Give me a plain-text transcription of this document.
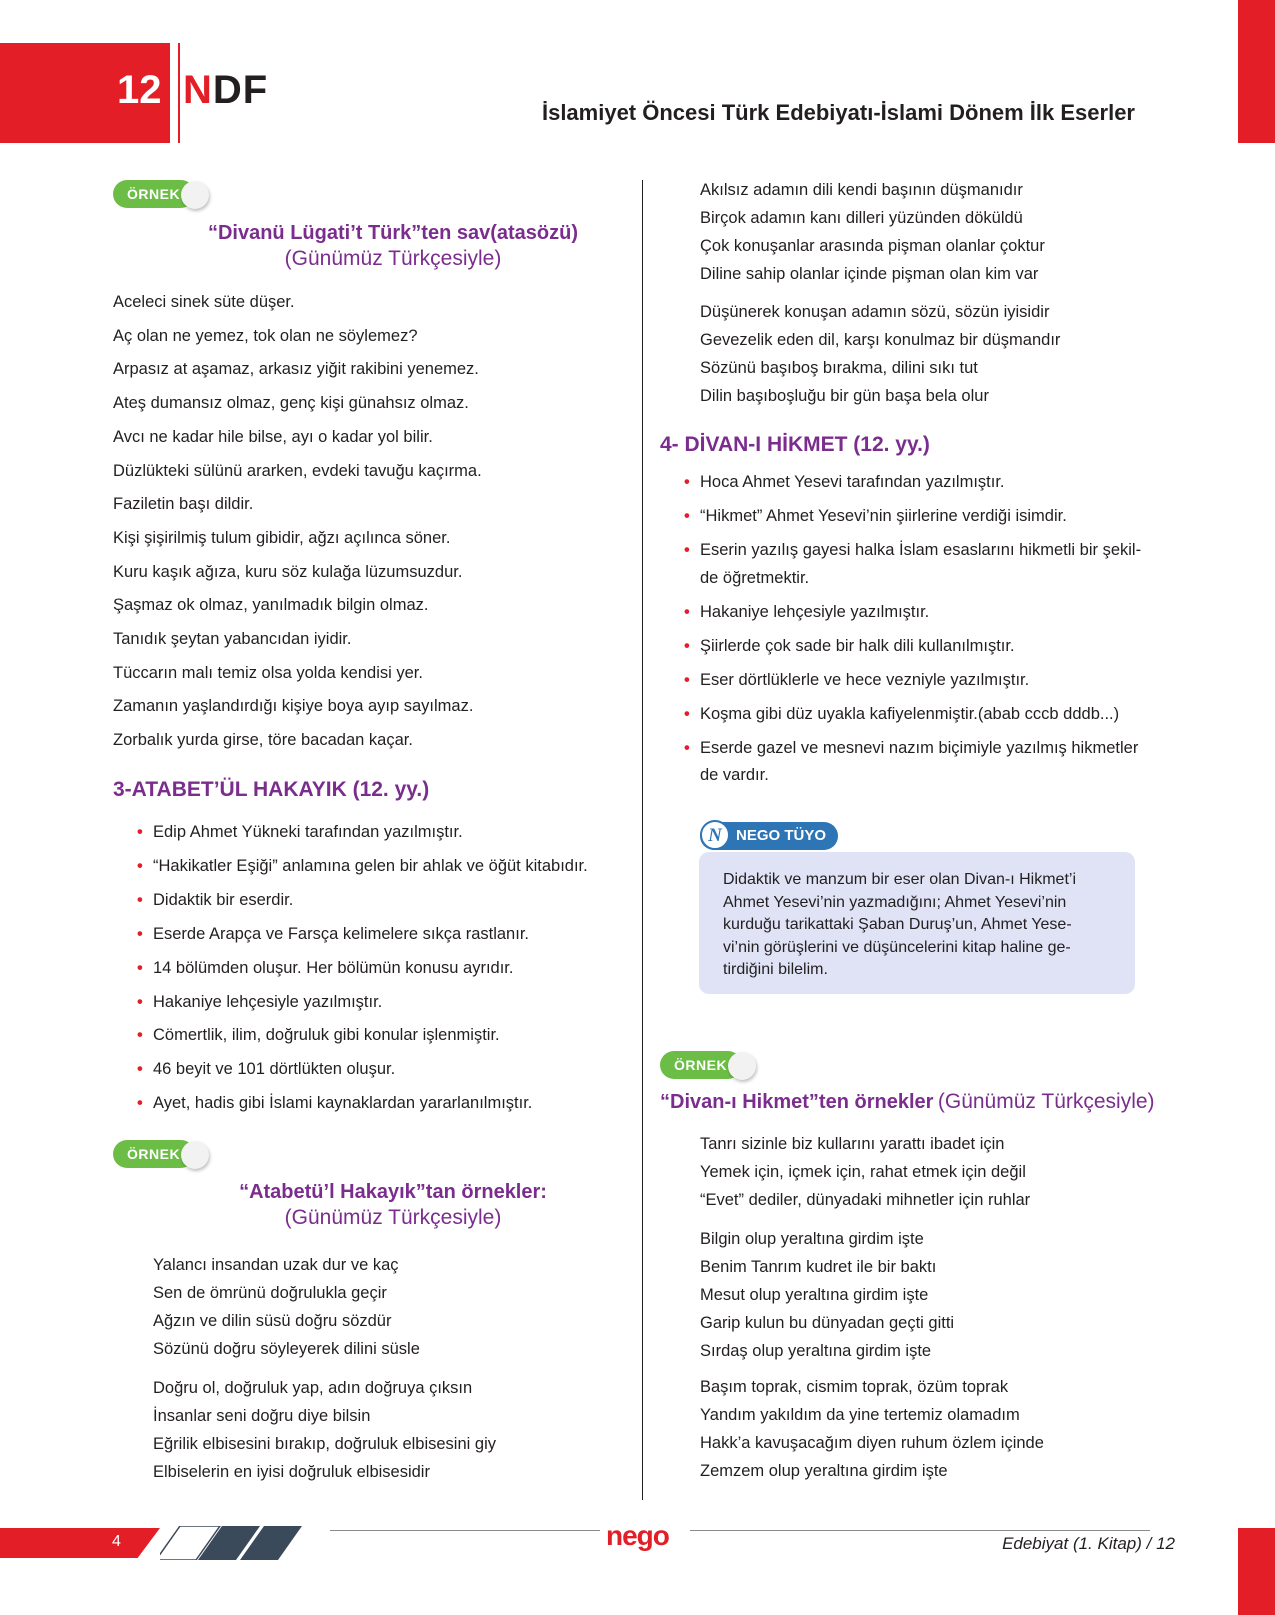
12 NDF
İslamiyet Öncesi Türk Edebiyatı-İslami Dönem İlk Eserler
ÖRNEK
“Divanü Lügati’t Türk”ten sav(atasözü)
(Günümüz Türkçesiyle)
Aceleci sinek süte düşer.
Aç olan ne yemez, tok olan ne söylemez?
Arpasız at aşamaz, arkasız yiğit rakibini yenemez.
Ateş dumansız olmaz, genç kişi günahsız olmaz.
Avcı ne kadar hile bilse, ayı o kadar yol bilir.
Düzlükteki sülünü ararken, evdeki tavuğu kaçırma.
Faziletin başı dildir.
Kişi şişirilmiş tulum gibidir, ağzı açılınca söner.
Kuru kaşık ağıza, kuru söz kulağa lüzumsuzdur.
Şaşmaz ok olmaz, yanılmadık bilgin olmaz.
Tanıdık şeytan yabancıdan iyidir.
Tüccarın malı temiz olsa yolda kendisi yer.
Zamanın yaşlandırdığı kişiye boya ayıp sayılmaz.
Zorbalık yurda girse, töre bacadan kaçar.
3-ATABET’ÜL HAKAYIK (12. yy.)
• Edip Ahmet Yükneki tarafından yazılmıştır.
• “Hakikatler Eşiği” anlamına gelen bir ahlak ve öğüt kitabıdır.
• Didaktik bir eserdir.
• Eserde Arapça ve Farsça kelimelere sıkça rastlanır.
• 14 bölümden oluşur. Her bölümün konusu ayrıdır.
• Hakaniye lehçesiyle yazılmıştır.
• Cömertlik, ilim, doğruluk gibi konular işlenmiştir.
• 46 beyit ve 101 dörtlükten oluşur.
• Ayet, hadis gibi İslami kaynaklardan yararlanılmıştır.
ÖRNEK
“Atabetü’l Hakayık”tan örnekler:
(Günümüz Türkçesiyle)
Yalancı insandan uzak dur ve kaç
Sen de ömrünü doğrulukla geçir
Ağzın ve dilin süsü doğru sözdür
Sözünü doğru söyleyerek dilini süsle
Doğru ol, doğruluk yap, adın doğruya çıksın
İnsanlar seni doğru diye bilsin
Eğrilik elbisesini bırakıp, doğruluk elbisesini giy
Elbiselerin en iyisi doğruluk elbisesidir
Akılsız adamın dili kendi başının düşmanıdır
Birçok adamın kanı dilleri yüzünden döküldü
Çok konuşanlar arasında pişman olanlar çoktur
Diline sahip olanlar içinde pişman olan kim var
Düşünerek konuşan adamın sözü, sözün iyisidir
Gevezelik eden dil, karşı konulmaz bir düşmandır
Sözünü başıboş bırakma, dilini sıkı tut
Dilin başıboşluğu bir gün başa bela olur
4- DİVAN-I HİKMET (12. yy.)
• Hoca Ahmet Yesevi tarafından yazılmıştır.
• “Hikmet” Ahmet Yesevi’nin şiirlerine verdiği isimdir.
• Eserin yazılış gayesi halka İslam esaslarını hikmetli bir şekil-
de öğretmektir.
• Hakaniye lehçesiyle yazılmıştır.
• Şiirlerde çok sade bir halk dili kullanılmıştır.
• Eser dörtlüklerle ve hece vezniyle yazılmıştır.
• Koşma gibi düz uyakla kafiyelenmiştir.(abab cccb dddb...)
• Eserde gazel ve mesnevi nazım biçimiyle yazılmış hikmetler
de vardır.
NEGO TÜYO
N
Didaktik ve manzum bir eser olan Divan-ı Hikmet’i
Ahmet Yesevi’nin yazmadığını; Ahmet Yesevi’nin
kurduğu tarikattaki Şaban Duruş’un, Ahmet Yese-
vi’nin görüşlerini ve düşüncelerini kitap haline ge-
tirdiğini bilelim.
ÖRNEK
“Divan-ı Hikmet”ten örnekler (Günümüz Türkçesiyle)
Tanrı sizinle biz kullarını yarattı ibadet için
Yemek için, içmek için, rahat etmek için değil
“Evet” dediler, dünyadaki mihnetler için ruhlar
Bilgin olup yeraltına girdim işte
Benim Tanrım kudret ile bir baktı
Mesut olup yeraltına girdim işte
Garip kulun bu dünyadan geçti gitti
Sırdaş olup yeraltına girdim işte
Başım toprak, cismim toprak, özüm toprak
Yandım yakıldım da yine tertemiz olamadım
Hakk’a kavuşacağım diyen ruhum özlem içinde
Zemzem olup yeraltına girdim işte
4	nego	Edebiyat (1. Kitap) / 12
